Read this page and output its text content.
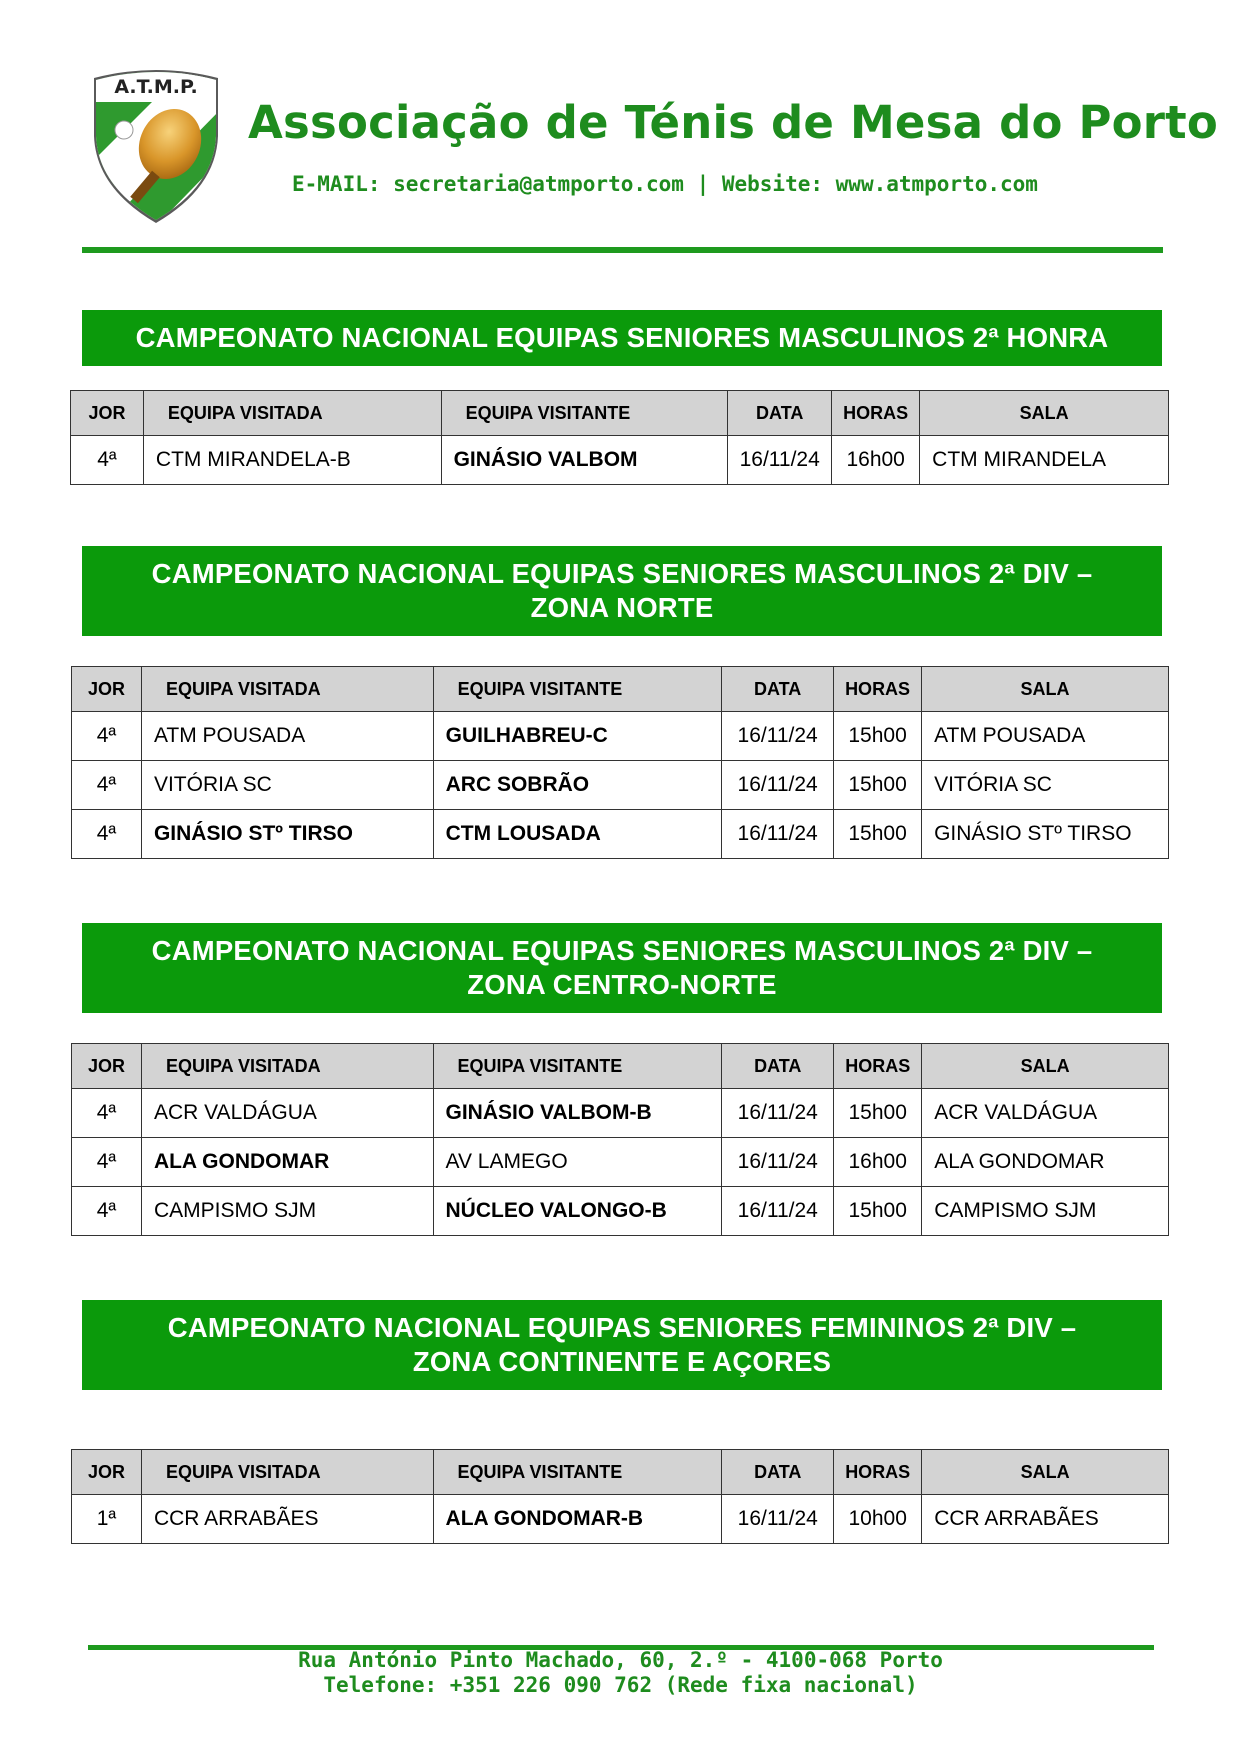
A.T.M.P.
Associação de Ténis de Mesa do Porto
E-MAIL: secretaria@atmporto.com | Website: www.atmporto.com
CAMPEONATO NACIONAL EQUIPAS SENIORES MASCULINOS 2ª HONRA
JOR	EQUIPA VISITADA	EQUIPA VISITANTE	DATA	HORAS	SALA
4ª	CTM MIRANDELA-B	GINÁSIO VALBOM	16/11/24	16h00	CTM MIRANDELA
CAMPEONATO NACIONAL EQUIPAS SENIORES MASCULINOS 2ª DIV –
ZONA NORTE
JOR	EQUIPA VISITADA	EQUIPA VISITANTE	DATA	HORAS	SALA
4ª	ATM POUSADA	GUILHABREU-C	16/11/24	15h00	ATM POUSADA
4ª	VITÓRIA SC	ARC SOBRÃO	16/11/24	15h00	VITÓRIA SC
4ª	GINÁSIO STº TIRSO	CTM LOUSADA	16/11/24	15h00	GINÁSIO STº TIRSO
CAMPEONATO NACIONAL EQUIPAS SENIORES MASCULINOS 2ª DIV –
ZONA CENTRO-NORTE
JOR	EQUIPA VISITADA	EQUIPA VISITANTE	DATA	HORAS	SALA
4ª	ACR VALDÁGUA	GINÁSIO VALBOM-B	16/11/24	15h00	ACR VALDÁGUA
4ª	ALA GONDOMAR	AV LAMEGO	16/11/24	16h00	ALA GONDOMAR
4ª	CAMPISMO SJM	NÚCLEO VALONGO-B	16/11/24	15h00	CAMPISMO SJM
CAMPEONATO NACIONAL EQUIPAS SENIORES FEMININOS 2ª DIV –
ZONA CONTINENTE E AÇORES
JOR	EQUIPA VISITADA	EQUIPA VISITANTE	DATA	HORAS	SALA
1ª	CCR ARRABÃES	ALA GONDOMAR-B	16/11/24	10h00	CCR ARRABÃES
Rua António Pinto Machado, 60, 2.º - 4100-068 Porto
Telefone: +351 226 090 762 (Rede fixa nacional)
